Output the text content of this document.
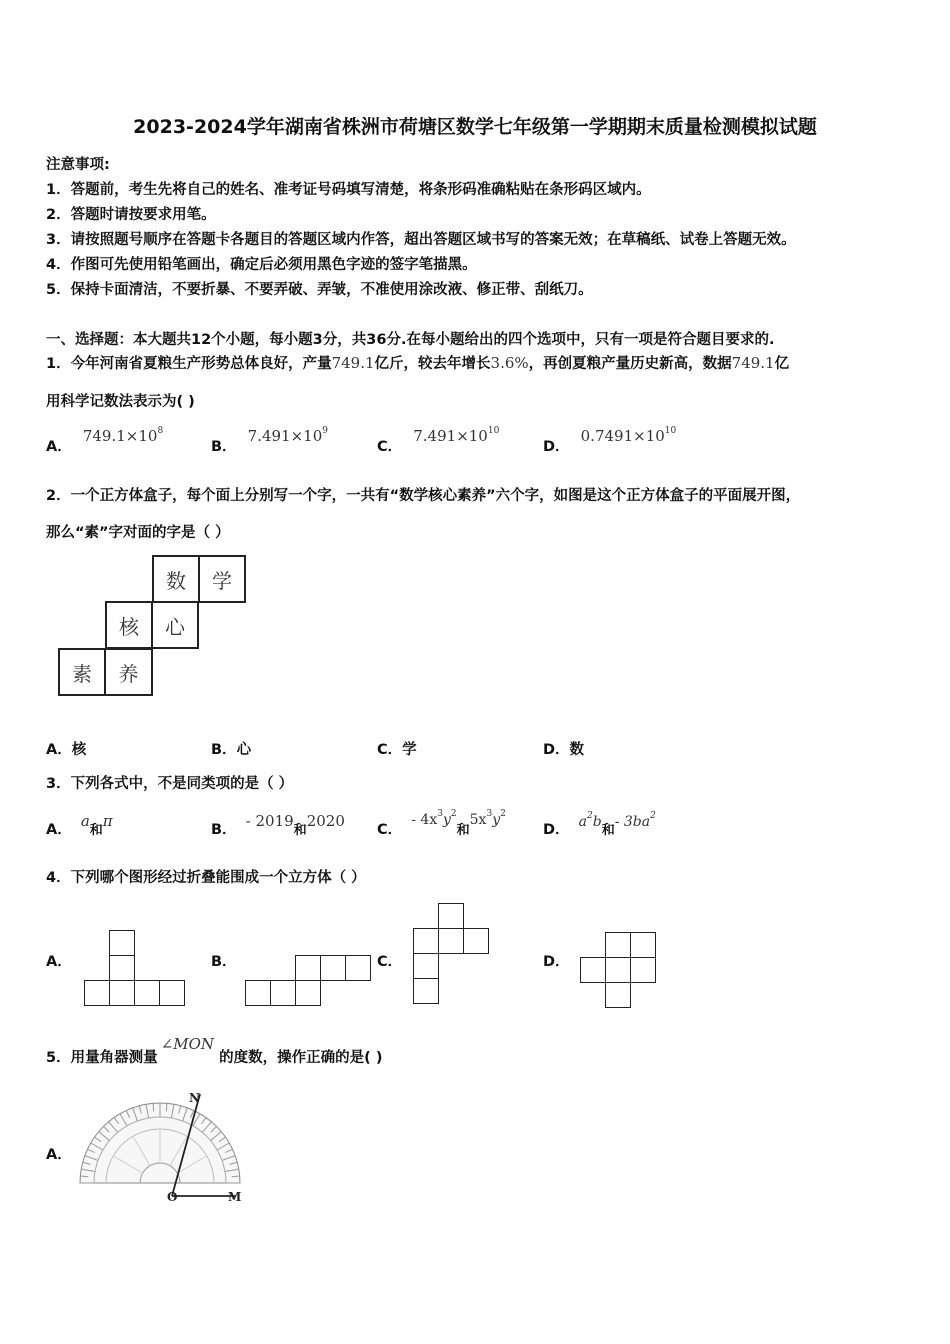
2023-2024学年湖南省株洲市荷塘区数学七年级第一学期期末质量检测模拟试题
注意事项:
1．答题前，考生先将自己的姓名、准考证号码填写清楚，将条形码准确粘贴在条形码区域内。
2．答题时请按要求用笔。
3．请按照题号顺序在答题卡各题目的答题区域内作答，超出答题区域书写的答案无效；在草稿纸、试卷上答题无效。
4．作图可先使用铅笔画出，确定后必须用黑色字迹的签字笔描黑。
5．保持卡面清洁，不要折暴、不要弄破、弄皱，不准使用涂改液、修正带、刮纸刀。
一、选择题：本大题共12个小题，每小题3分，共36分.在每小题给出的四个选项中，只有一项是符合题目要求的.
1．今年河南省夏粮生产形势总体良好，产量749.1亿斤，较去年增长3.6%，再创夏粮产量历史新高，数据749.1亿
用科学记数法表示为( )
A． $749.1\times 10^8$
B． $7.491\times 10^9$
C． $7.491\times 10^{10}$
D． $0.7491\times 10^{10}$
2．一个正方体盒子，每个面上分别写一个字，一共有“数学核心素养”六个字，如图是这个正方体盒子的平面展开图，
那么“素”字对面的字是（ ）
数	学
核	心
素	养
A．核	B．心	C．学	D．数
3．下列各式中，不是同类项的是（ ）
A． $a_和\pi$	B． - $2019_和2020$ C． - $4x^3y^2_和5x^3y^2$
D． $a^2b_和-$ $3ba^2$
4．下列哪个图形经过折叠能围成一个立方体（ ）
A．	B．	C．	D．
5．用量角器测量 ∠MON 的度数，操作正确的是( )
A．
N
O	M
